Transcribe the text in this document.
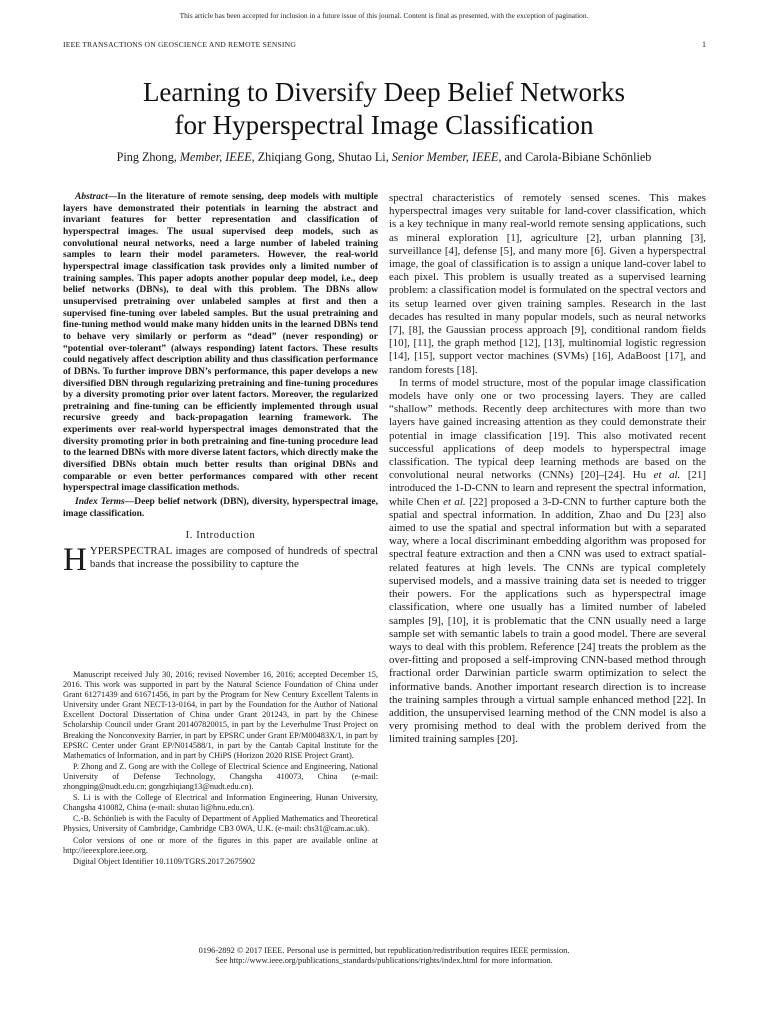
This article has been accepted for inclusion in a future issue of this journal. Content is final as presented, with the exception of pagination.
IEEE TRANSACTIONS ON GEOSCIENCE AND REMOTE SENSING	1
Learning to Diversify Deep Belief Networks
for Hyperspectral Image Classification
Ping Zhong, Member, IEEE, Zhiqiang Gong, Shutao Li, Senior Member, IEEE, and Carola-Bibiane Schönlieb

Abstract—In the literature of remote sensing, deep models with multiple layers have demonstrated their potentials in learning the abstract and invariant features for better representation and classification of hyperspectral images. The usual supervised deep models, such as convolutional neural networks, need a large number of labeled training samples to learn their model parameters. However, the real-world hyperspectral image classification task provides only a limited number of training samples. This paper adopts another popular deep model, i.e., deep belief networks (DBNs), to deal with this problem. The DBNs allow unsupervised pretraining over unlabeled samples at first and then a supervised fine-tuning over labeled samples. But the usual pretraining and fine-tuning method would make many hidden units in the learned DBNs tend to behave very similarly or perform as “dead” (never responding) or “potential over-tolerant” (always responding) latent factors. These results could negatively affect description ability and thus classification performance of DBNs. To further improve DBN’s performance, this paper develops a new diversified DBN through regularizing pretraining and fine-tuning procedures by a diversity promoting prior over latent factors. Moreover, the regularized pretraining and fine-tuning can be efficiently implemented through usual recursive greedy and back-propagation learning framework. The experiments over real-world hyperspectral images demonstrated that the diversity promoting prior in both pretraining and fine-tuning procedure lead to the learned DBNs with more diverse latent factors, which directly make the diversified DBNs obtain much better results than original DBNs and comparable or even better performances compared with other recent hyperspectral image classification methods.

Index Terms—Deep belief network (DBN), diversity, hyperspectral image, image classification.

I. Introduction

HYPERSPECTRAL images are composed of hundreds of spectral bands that increase the possibility to capture the

Manuscript received July 30, 2016; revised November 16, 2016; accepted December 15, 2016. This work was supported in part by the Natural Science Foundation of China under Grant 61271439 and 61671456, in part by the Program for New Century Excellent Talents in University under Grant NECT-13-0164, in part by the Foundation for the Author of National Excellent Doctoral Dissertation of China under Grant 201243, in part by the Chinese Scholarship Council under Grant 201407820015, in part by the Leverhulme Trust Project on Breaking the Nonconvexity Barrier, in part by EPSRC under Grant EP/M00483X/1, in part by EPSRC Center under Grant EP/N014588/1, in part by the Cantab Capital Institute for the Mathematics of Information, and in part by CHiPS (Horizon 2020 RISE Project Grant).

P. Zhong and Z. Gong are with the College of Electrical Science and Engineering, National University of Defense Technology, Changsha 410073, China (e-mail: zhongping@nudt.edu.cn; gongzhiqiang13@nudt.edu.cn).

S. Li is with the College of Electrical and Information Engineering, Hunan University, Changsha 410082, China (e-mail: shutao li@hnu.edu.cn).

C.-B. Schönlieb is with the Faculty of Department of Applied Mathematics and Theoretical Physics, University of Cambridge, Cambridge CB3 0WA, U.K. (e-mail: cbs31@cam.ac.uk).

Color versions of one or more of the figures in this paper are available online at http://ieeexplore.ieee.org.

Digital Object Identifier 10.1109/TGRS.2017.2675902

spectral characteristics of remotely sensed scenes. This makes hyperspectral images very suitable for land-cover classification, which is a key technique in many real-world remote sensing applications, such as mineral exploration [1], agriculture [2], urban planning [3], surveillance [4], defense [5], and many more [6]. Given a hyperspectral image, the goal of classification is to assign a unique land-cover label to each pixel. This problem is usually treated as a supervised learning problem: a classification model is formulated on the spectral vectors and its setup learned over given training samples. Research in the last decades has resulted in many popular models, such as neural networks [7], [8], the Gaussian process approach [9], conditional random fields [10], [11], the graph method [12], [13], multinomial logistic regression [14], [15], support vector machines (SVMs) [16], AdaBoost [17], and random forests [18].

In terms of model structure, most of the popular image classification models have only one or two processing layers. They are called “shallow” methods. Recently deep architectures with more than two layers have gained increasing attention as they could demonstrate their potential in image classification [19]. This also motivated recent successful applications of deep models to hyperspectral image classification. The typical deep learning methods are based on the convolutional neural networks (CNNs) [20]–[24]. Hu et al. [21] introduced the 1-D-CNN to learn and represent the spectral information, while Chen et al. [22] proposed a 3-D-CNN to further capture both the spatial and spectral information. In addition, Zhao and Du [23] also aimed to use the spatial and spectral information but with a separated way, where a local discriminant embedding algorithm was proposed for spectral feature extraction and then a CNN was used to extract spatial-related features at high levels. The CNNs are typical completely supervised models, and a massive training data set is needed to trigger their powers. For the applications such as hyperspectral image classification, where one usually has a limited number of labeled samples [9], [10], it is problematic that the CNN usually need a large sample set with semantic labels to train a good model. There are several ways to deal with this problem. Reference [24] treats the problem as the over-fitting and proposed a self-improving CNN-based method through fractional order Darwinian particle swarm optimization to select the informative bands. Another important research direction is to increase the training samples through a virtual sample enhanced method [22]. In addition, the unsupervised learning method of the CNN model is also a very promising method to deal with the problem derived from the limited training samples [20].

0196-2892 © 2017 IEEE. Personal use is permitted, but republication/redistribution requires IEEE permission.
See http://www.ieee.org/publications_standards/publications/rights/index.html for more information.
